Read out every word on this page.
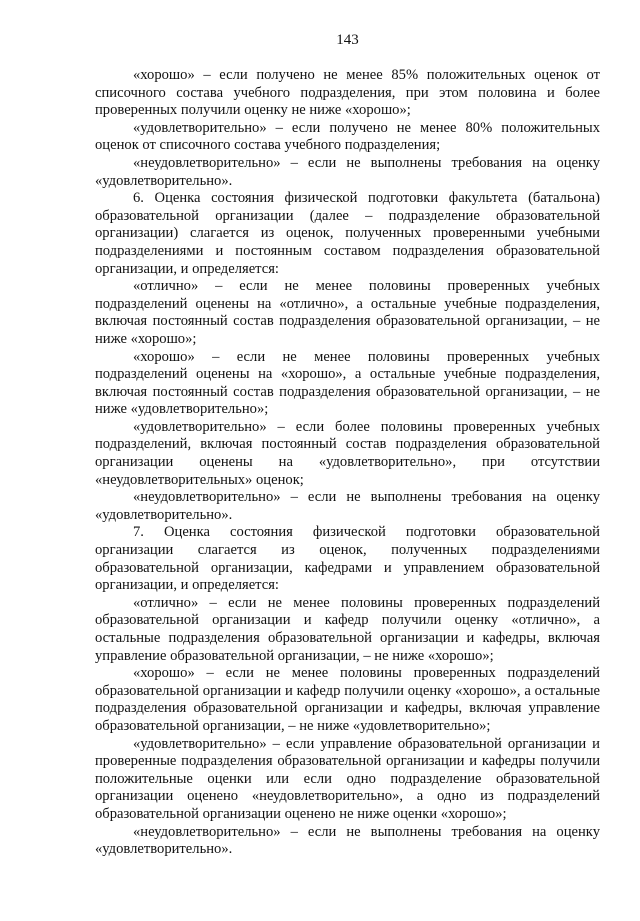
143

«хорошо» – если получено не менее 85% положительных оценок от списочного состава учебного подразделения, при этом половина и более проверенных получили оценку не ниже «хорошо»;

«удовлетворительно» – если получено не менее 80% положительных оценок от списочного состава учебного подразделения;

«неудовлетворительно» – если не выполнены требования на оценку «удовлетворительно».

6. Оценка состояния физической подготовки факультета (батальона) образовательной организации (далее – подразделение образовательной организации) слагается из оценок, полученных проверенными учебными подразделениями и постоянным составом подразделения образовательной организации, и определяется:

«отлично» – если не менее половины проверенных учебных подразделений оценены на «отлично», а остальные учебные подразделения, включая постоянный состав подразделения образовательной организации, – не ниже «хорошо»;

«хорошо» – если не менее половины проверенных учебных подразделений оценены на «хорошо», а остальные учебные подразделения, включая постоянный состав подразделения образовательной организации, – не ниже «удовлетворительно»;

«удовлетворительно» – если более половины проверенных учебных подразделений, включая постоянный состав подразделения образовательной организации оценены на «удовлетворительно», при отсутствии «неудовлетворительных» оценок;

«неудовлетворительно» – если не выполнены требования на оценку «удовлетворительно».

7. Оценка состояния физической подготовки образовательной организации слагается из оценок, полученных подразделениями образовательной организации, кафедрами и управлением образовательной организации, и определяется:

«отлично» – если не менее половины проверенных подразделений образовательной организации и кафедр получили оценку «отлично», а остальные подразделения образовательной организации и кафедры, включая управление образовательной организации, – не ниже «хорошо»;

«хорошо» – если не менее половины проверенных подразделений образовательной организации и кафедр получили оценку «хорошо», а остальные подразделения образовательной организации и кафедры, включая управление образовательной организации, – не ниже «удовлетворительно»;

«удовлетворительно» – если управление образовательной организации и проверенные подразделения образовательной организации и кафедры получили положительные оценки или если одно подразделение образовательной организации оценено «неудовлетворительно», а одно из подразделений образовательной организации оценено не ниже оценки «хорошо»;

«неудовлетворительно» – если не выполнены требования на оценку «удовлетворительно».
